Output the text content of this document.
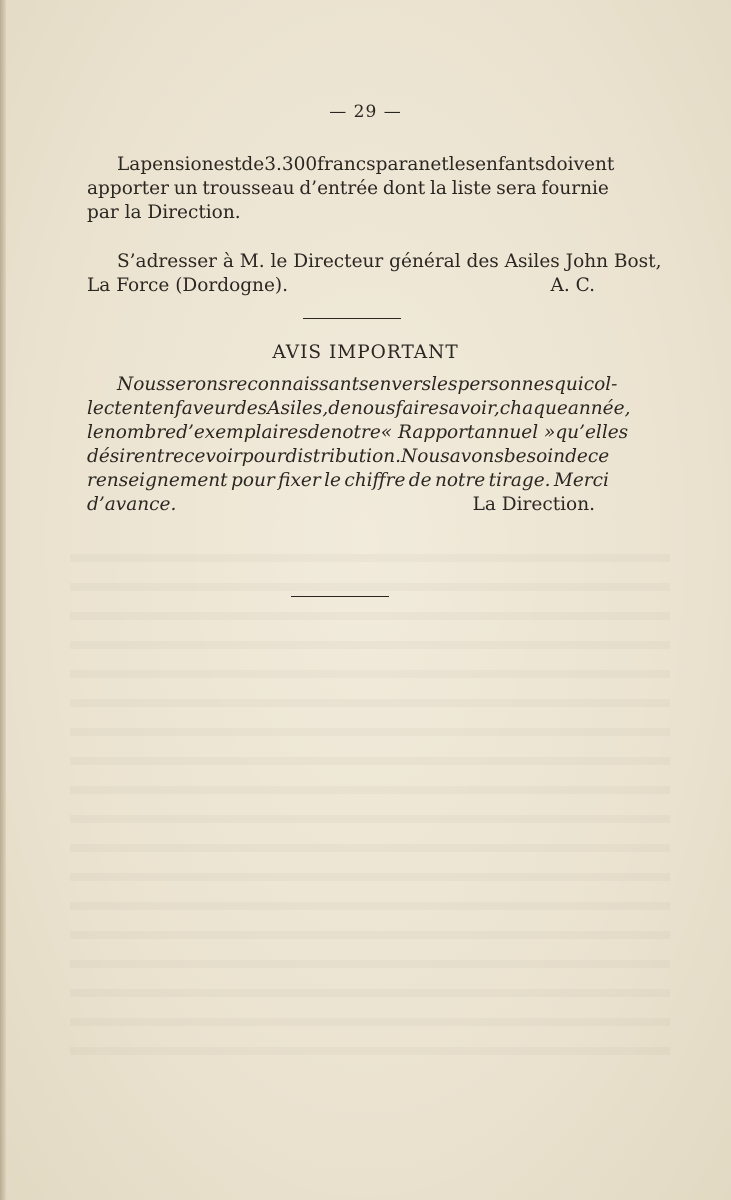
— 29 —
La pension est de 3.300 francs par an et les enfants doivent
apporter un trousseau d’entrée dont la liste sera fournie
par la Direction.
S’adresser à M. le Directeur général des Asiles John Bost,
La Force (Dordogne).	A. C.
AVIS IMPORTANT
Nous serons reconnaissants envers les personnes qui col-
lectent en faveur des Asiles, de nous faire savoir, chaque année,
le nombre d’exemplaires de notre « Rapport annuel » qu’elles
désirent recevoir pour distribution. Nous avons besoin de ce
renseignement pour fixer le chiffre de notre tirage. Merci
d’avance.	La Direction.
